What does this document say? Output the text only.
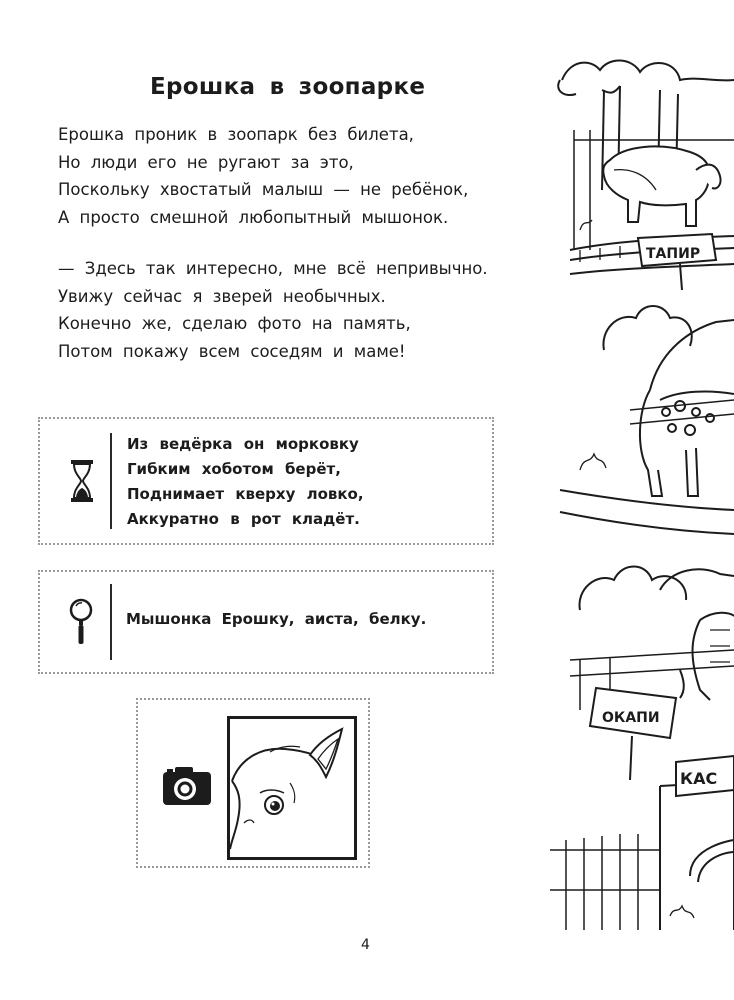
Ерошка в зоопарке
Ерошка проник в зоопарк без билета,
Но люди его не ругают за это,
Поскольку хвостатый малыш — не ребёнок,
А просто смешной любопытный мышонок.
— Здесь так интересно, мне всё непривычно.
Увижу сейчас я зверей необычных.
Конечно же, сделаю фото на память,
Потом покажу всем соседям и маме!
Из ведёрка он морковку
Гибким хоботом берёт,
Поднимает кверху ловко,
Аккуратно в рот кладёт.
Мышонка Ерошку, аиста, белку.
4
ТАПИР
ОКАПИ
КАС
